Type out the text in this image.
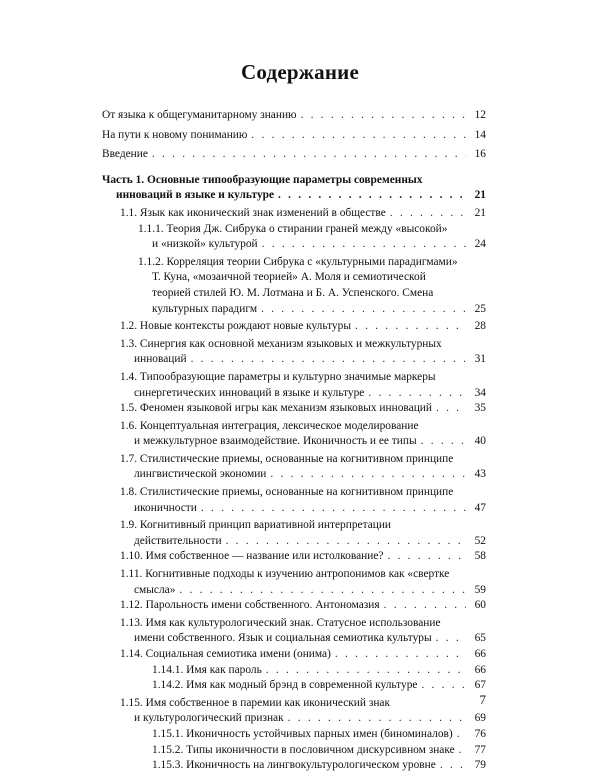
Содержание
От языка к общегуманитарному знанию . . .	12
На пути к новому пониманию . . .	14
Введение . . .	16
Часть 1. Основные типообразующие параметры современных
инноваций в языке и культуре . . .	21
1.1. Язык как иконический знак изменений в обществе . . .	21
1.1.1. Теория Дж. Сибрука о стирании граней между «высокой»
и «низкой» культурой . . .	24
1.1.2. Корреляция теории Сибрука с «культурными парадигмами»
Т. Куна, «мозаичной теорией» А. Моля и семиотической
теорией стилей Ю. М. Лотмана и Б. А. Успенского. Смена
культурных парадигм . . .	25
1.2. Новые контексты рождают новые культуры . . .	28
1.3. Синергия как основной механизм языковых и межкультурных
инноваций . . .	31
1.4. Типообразующие параметры и культурно значимые маркеры
синергетических инноваций в языке и культуре . . .	34
1.5. Феномен языковой игры как механизм языковых инноваций . . .	35
1.6. Концептуальная интеграция, лексическое моделирование
и межкультурное взаимодействие. Иконичность и ее типы . . .	40
1.7. Стилистические приемы, основанные на когнитивном принципе
лингвистической экономии . . .	43
1.8. Стилистические приемы, основанные на когнитивном принципе
иконичности . . .	47
1.9. Когнитивный принцип вариативной интерпретации
действительности . . .	52
1.10. Имя собственное — название или истолкование? . . .	58
1.11. Когнитивные подходы к изучению антропонимов как «свертке
смысла» . . .	59
1.12. Парольность имени собственного. Антономазия . . .	60
1.13. Имя как культурологический знак. Статусное использование
имени собственного. Язык и социальная семиотика культуры . . .	65
1.14. Социальная семиотика имени (онима) . . .	66
1.14.1. Имя как пароль . . .	66
1.14.2. Имя как модный брэнд в современной культуре . . .	67
1.15. Имя собственное в паремии как иконический знак
и культурологический признак . . .	69
1.15.1. Иконичность устойчивых парных имен (биноминалов) . . . 76
1.15.2. Типы иконичности в пословичном дискурсивном знаке . . . 77
1.15.3. Иконичность на лингвокультурологическом уровне . . .	79
7
